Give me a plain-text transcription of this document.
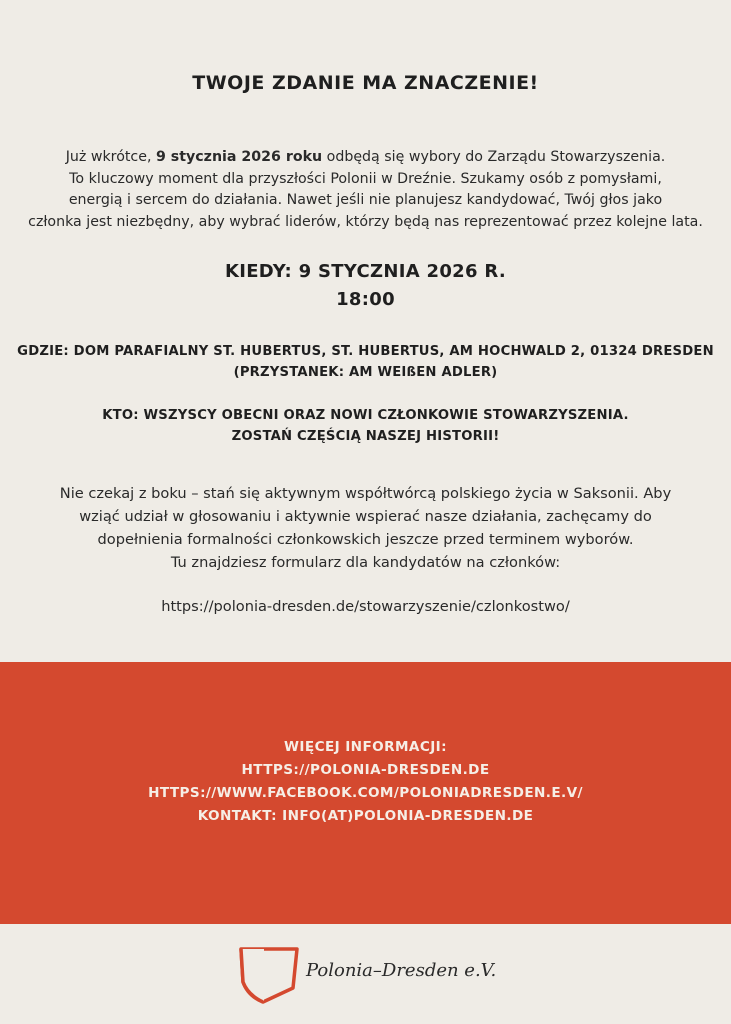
TWOJE ZDANIE MA ZNACZENIE!
Już wkrótce, 9 stycznia 2026 roku odbędą się wybory do Zarządu Stowarzyszenia.
To kluczowy moment dla przyszłości Polonii w Dreźnie. Szukamy osób z pomysłami,
energią i sercem do działania. Nawet jeśli nie planujesz kandydować, Twój głos jako
członka jest niezbędny, aby wybrać liderów, którzy będą nas reprezentować przez kolejne lata.
KIEDY: 9 STYCZNIA 2026 R.
18:00
GDZIE: DOM PARAFIALNY ST. HUBERTUS, ST. HUBERTUS, AM HOCHWALD 2, 01324 DRESDEN
(PRZYSTANEK: AM WEIßEN ADLER)
KTO: WSZYSCY OBECNI ORAZ NOWI CZŁONKOWIE STOWARZYSZENIA.
ZOSTAŃ CZĘŚCIĄ NASZEJ HISTORII!
Nie czekaj z boku – stań się aktywnym współtwórcą polskiego życia w Saksonii. Aby
wziąć udział w głosowaniu i aktywnie wspierać nasze działania, zachęcamy do
dopełnienia formalności członkowskich jeszcze przed terminem wyborów.
Tu znajdziesz formularz dla kandydatów na członków:
https://polonia-dresden.de/stowarzyszenie/czlonkostwo/
WIĘCEJ INFORMACJI:
HTTPS://POLONIA-DRESDEN.DE
HTTPS://WWW.FACEBOOK.COM/POLONIADRESDEN.E.V/
KONTAKT: INFO(AT)POLONIA-DRESDEN.DE
Polonia–Dresden e.V.
